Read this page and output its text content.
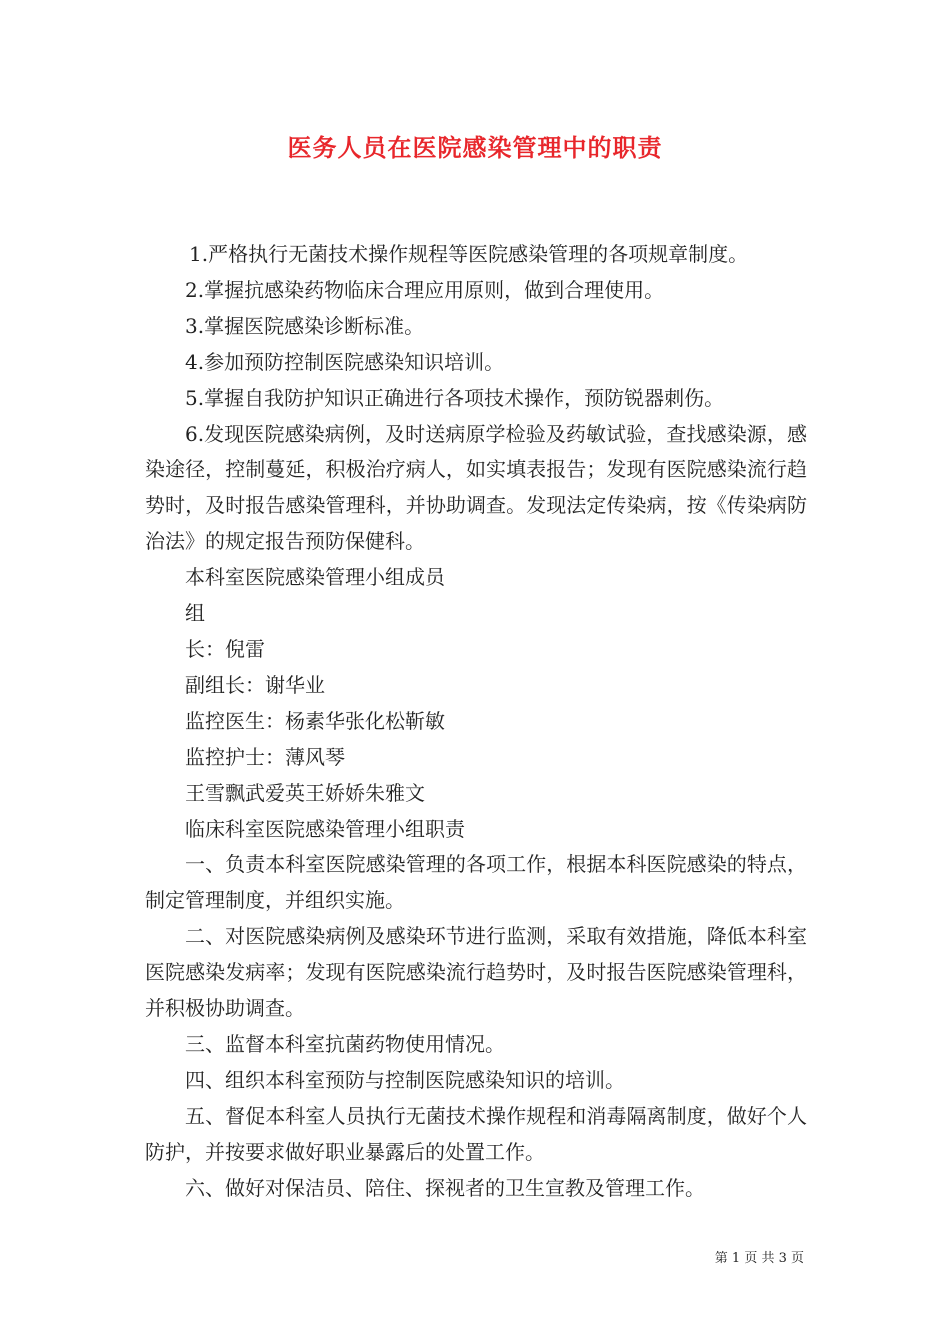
医务人员在医院感染管理中的职责

1.严格执行无菌技术操作规程等医院感染管理的各项规章制度。

2.掌握抗感染药物临床合理应用原则，做到合理使用。

3.掌握医院感染诊断标准。

4.参加预防控制医院感染知识培训。

5.掌握自我防护知识正确进行各项技术操作，预防锐器刺伤。

6.发现医院感染病例，及时送病原学检验及药敏试验，查找感染源，感染途径，控制蔓延，积极治疗病人，如实填表报告；发现有医院感染流行趋势时，及时报告感染管理科，并协助调查。发现法定传染病，按《传染病防治法》的规定报告预防保健科。

本科室医院感染管理小组成员

组

长：倪雷

副组长：谢华业

监控医生：杨素华张化松靳敏

监控护士：薄风琴

王雪飘武爱英王娇娇朱雅文

临床科室医院感染管理小组职责

一、负责本科室医院感染管理的各项工作，根据本科医院感染的特点，制定管理制度，并组织实施。

二、对医院感染病例及感染环节进行监测，采取有效措施，降低本科室医院感染发病率；发现有医院感染流行趋势时，及时报告医院感染管理科，并积极协助调查。

三、监督本科室抗菌药物使用情况。

四、组织本科室预防与控制医院感染知识的培训。

五、督促本科室人员执行无菌技术操作规程和消毒隔离制度，做好个人防护，并按要求做好职业暴露后的处置工作。

六、做好对保洁员、陪住、探视者的卫生宣教及管理工作。

第 1 页 共 3 页
